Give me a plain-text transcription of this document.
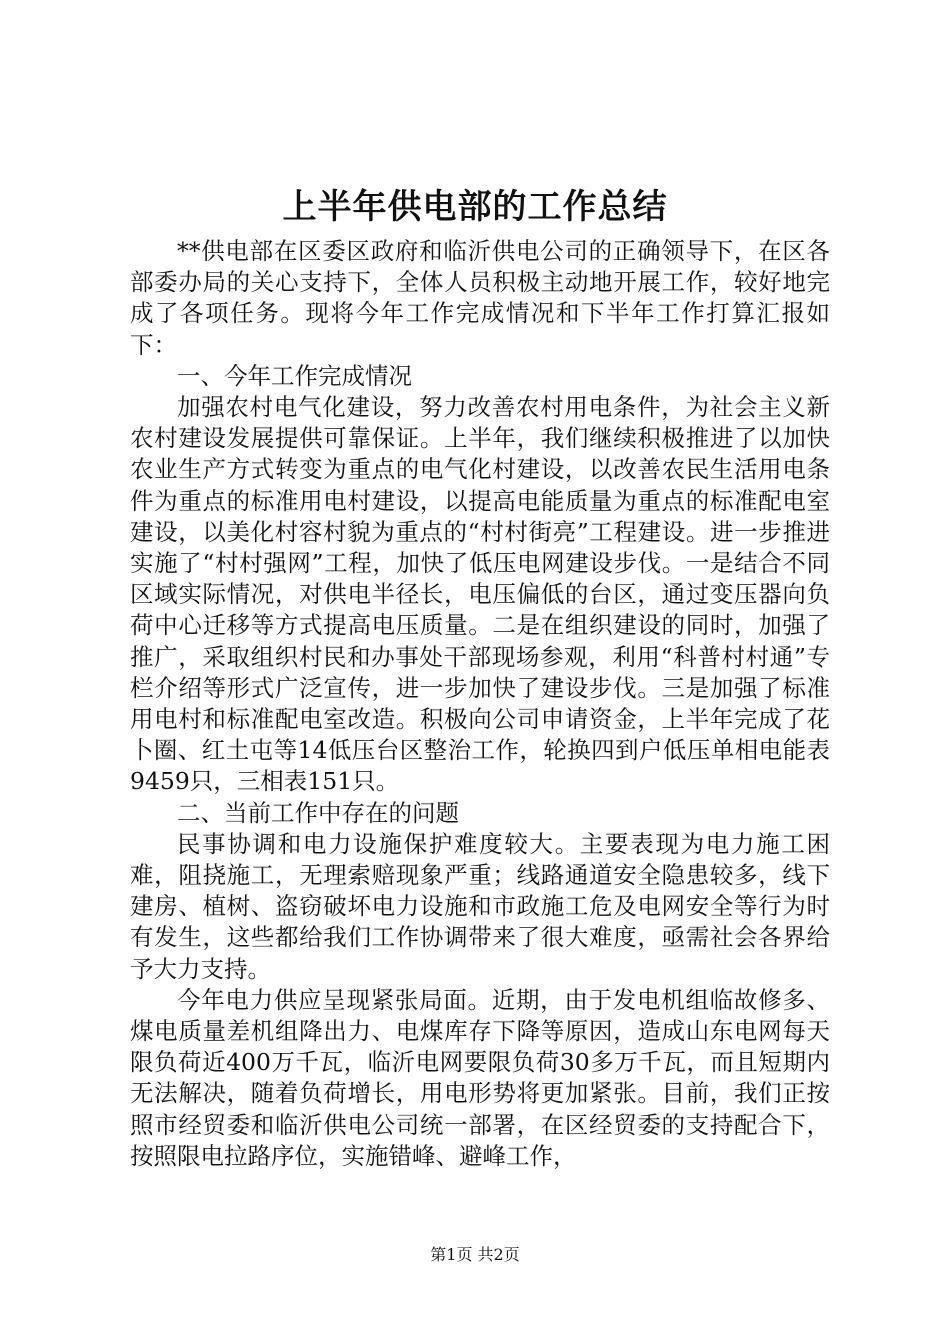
上半年供电部的工作总结

**供电部在区委区政府和临沂供电公司的正确领导下，在区各部委办局的关心支持下，全体人员积极主动地开展工作，较好地完成了各项任务。现将今年工作完成情况和下半年工作打算汇报如下：

一、今年工作完成情况

加强农村电气化建设，努力改善农村用电条件，为社会主义新农村建设发展提供可靠保证。上半年，我们继续积极推进了以加快农业生产方式转变为重点的电气化村建设，以改善农民生活用电条件为重点的标准用电村建设，以提高电能质量为重点的标准配电室建设，以美化村容村貌为重点的“村村街亮”工程建设。进一步推进实施了“村村强网”工程，加快了低压电网建设步伐。一是结合不同区域实际情况，对供电半径长，电压偏低的台区，通过变压器向负荷中心迁移等方式提高电压质量。二是在组织建设的同时，加强了推广，采取组织村民和办事处干部现场参观，利用“科普村村通”专栏介绍等形式广泛宣传，进一步加快了建设步伐。三是加强了标准用电村和标准配电室改造。积极向公司申请资金，上半年完成了花卜圈、红土屯等14低压台区整治工作，轮换四到户低压单相电能表9459只，三相表151只。

二、当前工作中存在的问题

民事协调和电力设施保护难度较大。主要表现为电力施工困难，阻挠施工，无理索赔现象严重；线路通道安全隐患较多，线下建房、植树、盗窃破坏电力设施和市政施工危及电网安全等行为时有发生，这些都给我们工作协调带来了很大难度，亟需社会各界给予大力支持。

今年电力供应呈现紧张局面。近期，由于发电机组临故修多、煤电质量差机组降出力、电煤库存下降等原因，造成山东电网每天限负荷近400万千瓦，临沂电网要限负荷30多万千瓦，而且短期内无法解决，随着负荷增长，用电形势将更加紧张。目前，我们正按照市经贸委和临沂供电公司统一部署，在区经贸委的支持配合下，按照限电拉路序位，实施错峰、避峰工作，

第1页 共2页
